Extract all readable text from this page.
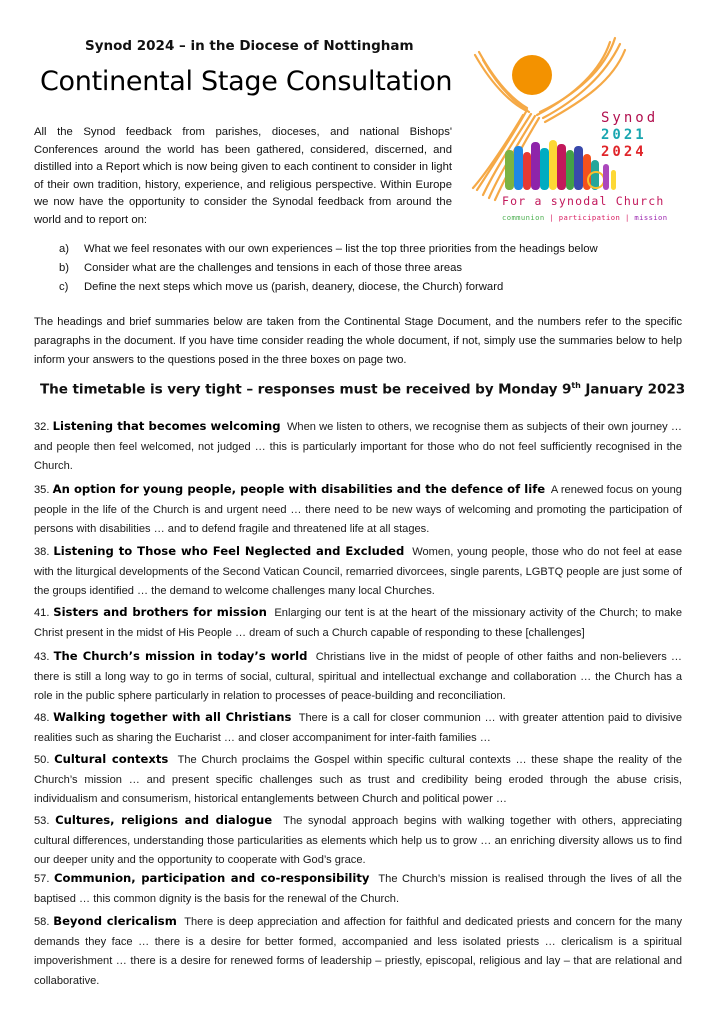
Synod 2024 – in the Diocese of Nottingham
Continental Stage Consultation
All the Synod feedback from parishes, dioceses, and national Bishops' Conferences around the world has been gathered, considered, discerned, and distilled into a Report which is now being given to each continent to consider in light of their own tradition, history, experience, and religious perspective. Within Europe we now have the opportunity to consider the Synodal feedback from around the world and to report on:
Synod
2021
2024
For a synodal Church
communion | participation | mission
a)	What we feel resonates with our own experiences – list the top three priorities from the headings below
b)	Consider what are the challenges and tensions in each of those three areas
c)	Define the next steps which move us (parish, deanery, diocese, the Church) forward
The headings and brief summaries below are taken from the Continental Stage Document, and the numbers refer to the specific paragraphs in the document. If you have time consider reading the whole document, if not, simply use the summaries below to help inform your answers to the questions posed in the three boxes on page two.
The timetable is very tight – responses must be received by Monday 9th January 2023
32. Listening that becomes welcoming When we listen to others, we recognise them as subjects of their own journey … and people then feel welcomed, not judged … this is particularly important for those who do not feel sufficiently recognised in the Church.
35. An option for young people, people with disabilities and the defence of life A renewed focus on young people in the life of the Church is and urgent need … there need to be new ways of welcoming and promoting the participation of persons with disabilities … and to defend fragile and threatened life at all stages.
38. Listening to Those who Feel Neglected and Excluded Women, young people, those who do not feel at ease with the liturgical developments of the Second Vatican Council, remarried divorcees, single parents, LGBTQ people are just some of the groups identified … the demand to welcome challenges many local Churches.
41. Sisters and brothers for mission Enlarging our tent is at the heart of the missionary activity of the Church; to make Christ present in the midst of His People … dream of such a Church capable of responding to these [challenges]
43. The Church’s mission in today’s world Christians live in the midst of people of other faiths and non-believers … there is still a long way to go in terms of social, cultural, spiritual and intellectual exchange and collaboration … the Church has a role in the public sphere particularly in relation to processes of peace-building and reconciliation.
48. Walking together with all Christians There is a call for closer communion … with greater attention paid to divisive realities such as sharing the Eucharist … and closer accompaniment for inter-faith families …
50. Cultural contexts The Church proclaims the Gospel within specific cultural contexts … these shape the reality of the Church’s mission … and present specific challenges such as trust and credibility being eroded through the abuse crisis, individualism and consumerism, historical entanglements between Church and political power …
53. Cultures, religions and dialogue The synodal approach begins with walking together with others, appreciating cultural differences, understanding those particularities as elements which help us to grow … an enriching diversity allows us to find our deeper unity and the opportunity to cooperate with God’s grace.
57. Communion, participation and co-responsibility The Church’s mission is realised through the lives of all the baptised … this common dignity is the basis for the renewal of the Church.
58. Beyond clericalism There is deep appreciation and affection for faithful and dedicated priests and concern for the many demands they face … there is a desire for better formed, accompanied and less isolated priests … clericalism is a spiritual impoverishment … there is a desire for renewed forms of leadership – priestly, episcopal, religious and lay – that are relational and collaborative.
